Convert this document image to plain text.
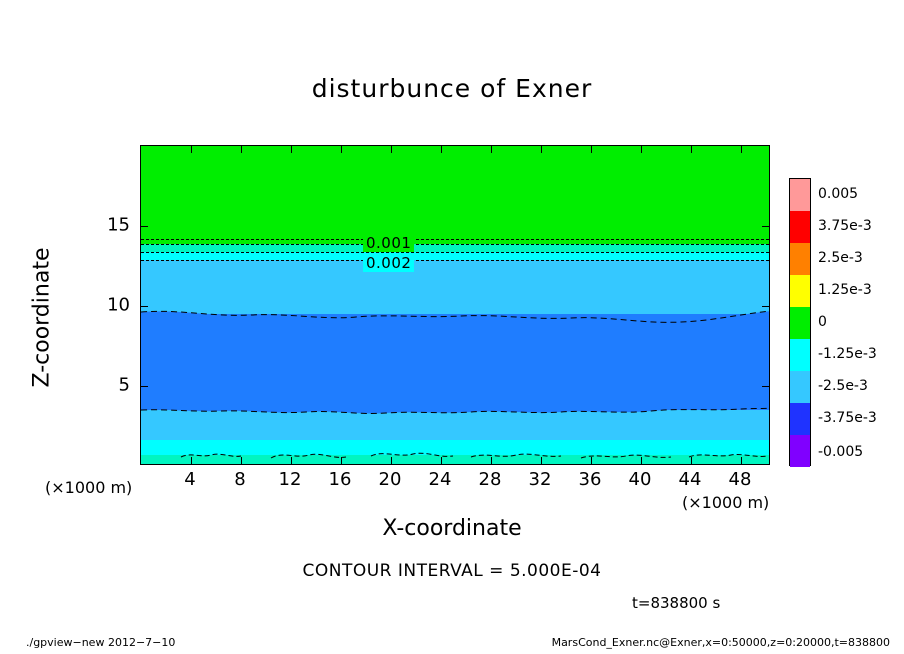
disturbunce of Exner
0.001
0.002
4 8 12 16 20 24 28 32 36 40 44 48
5
10
15
(×1000 m)
(×1000 m)
X-coordinate
Z-coordinate
0.005
3.75e-3
2.5e-3
1.25e-3
0
-1.25e-3
-2.5e-3
-3.75e-3
-0.005
CONTOUR INTERVAL = 5.000E-04
t=838800 s
./gpview−new 2012−7−10	MarsCond_Exner.nc@Exner,x=0:50000,z=0:20000,t=838800
